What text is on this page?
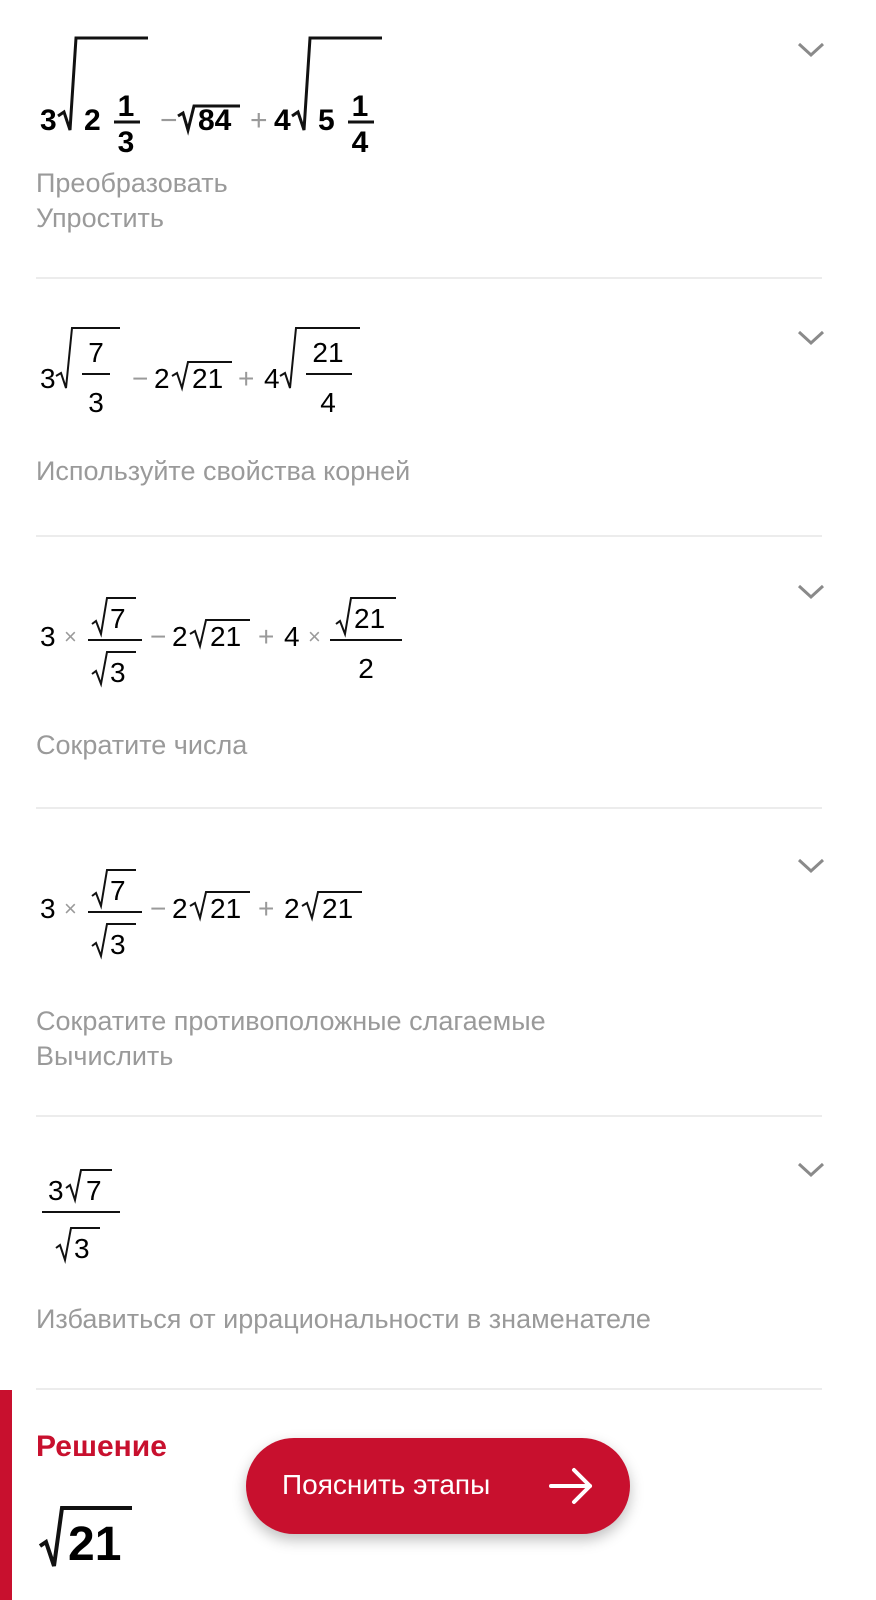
3 2 1
3
− 84 + 4 5 1
4
Преобразовать
Упростить
3
7
3
− 2 21 + 4
21
4
Используйте свойства корней
3 ×
7
3
− 2 21 + 4 ×
21
2
Сократите числа
3 ×
7
3
− 2 21 + 2 21
Сократите противоположные слагаемые
Вычислить
3 7
3
Избавиться от иррациональности в знаменателе
Решение
21
Пояснить этапы
